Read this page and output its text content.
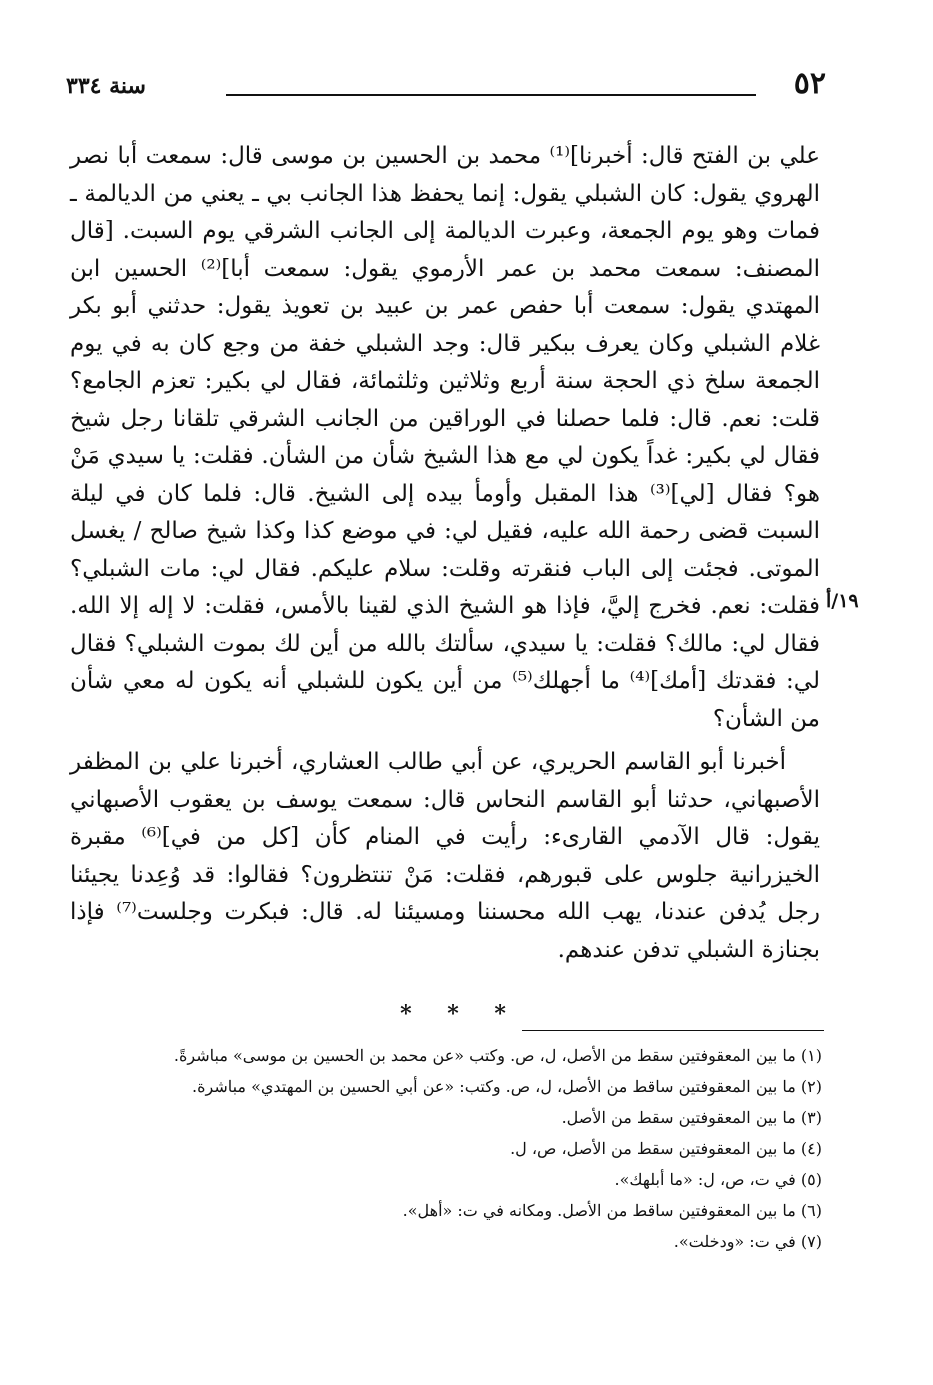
٥٢
سنة ٣٣٤
١٩/أ

علي بن الفتح قال: أخبرنا]⁽¹⁾ محمد بن الحسين بن موسى قال: سمعت أبا نصر الهروي يقول: كان الشبلي يقول: إنما يحفظ هذا الجانب بي ـ يعني من الديالمة ـ فمات وهو يوم الجمعة، وعبرت الديالمة إلى الجانب الشرقي يوم السبت. [قال المصنف: سمعت محمد بن عمر الأرموي يقول: سمعت أبا]⁽²⁾ الحسين ابن المهتدي يقول: سمعت أبا حفص عمر بن عبيد بن تعويذ يقول: حدثني أبو بكر غلام الشبلي وكان يعرف ببكير قال: وجد الشبلي خفة من وجع كان به في يوم الجمعة سلخ ذي الحجة سنة أربع وثلاثين وثلثمائة، فقال لي بكير: تعزم الجامع؟ قلت: نعم. قال: فلما حصلنا في الوراقين من الجانب الشرقي تلقانا رجل شيخ فقال لي بكير: غداً يكون لي مع هذا الشيخ شأن من الشأن. فقلت: يا سيدي مَنْ هو؟ فقال [لي]⁽³⁾ هذا المقبل وأومأ بيده إلى الشيخ. قال: فلما كان في ليلة السبت قضى رحمة الله عليه، فقيل لي: في موضع كذا وكذا شيخ صالح / يغسل الموتى. فجئت إلى الباب فنقرته وقلت: سلام عليكم. فقال لي: مات الشبلي؟ فقلت: نعم. فخرج إليَّ، فإذا هو الشيخ الذي لقينا بالأمس، فقلت: لا إله إلا الله. فقال لي: مالك؟ فقلت: يا سيدي، سألتك بالله من أين لك بموت الشبلي؟ فقال لي: فقدتك [أمك]⁽⁴⁾ ما أجهلك⁽⁵⁾ من أين يكون للشبلي أنه يكون له معي شأن من الشأن؟

أخبرنا أبو القاسم الحريري، عن أبي طالب العشاري، أخبرنا علي بن المظفر الأصبهاني، حدثنا أبو القاسم النحاس قال: سمعت يوسف بن يعقوب الأصبهاني يقول: قال الآدمي القارىء: رأيت في المنام كأن [كل من في]⁽⁶⁾ مقبرة الخيزرانية جلوس على قبورهم، فقلت: مَنْ تنتظرون؟ فقالوا: قد وُعِدنا يجيئنا رجل يُدفن عندنا، يهب الله محسننا ومسيئنا له. قال: فبكرت وجلست⁽⁷⁾ فإذا بجنازة الشبلي تدفن عندهم.

* * *
(١) ما بين المعقوفتين سقط من الأصل، ل، ص. وكتب «عن محمد بن الحسين بن موسى» مباشرةً.
(٢) ما بين المعقوفتين ساقط من الأصل، ل، ص. وكتب: «عن أبي الحسين بن المهتدي» مباشرة.
(٣) ما بين المعقوفتين سقط من الأصل.
(٤) ما بين المعقوفتين سقط من الأصل، ص، ل.
(٥) في ت، ص، ل: «ما أبلهك».
(٦) ما بين المعقوفتين ساقط من الأصل. ومكانه في ت: «أهل».
(٧) في ت: «ودخلت».
